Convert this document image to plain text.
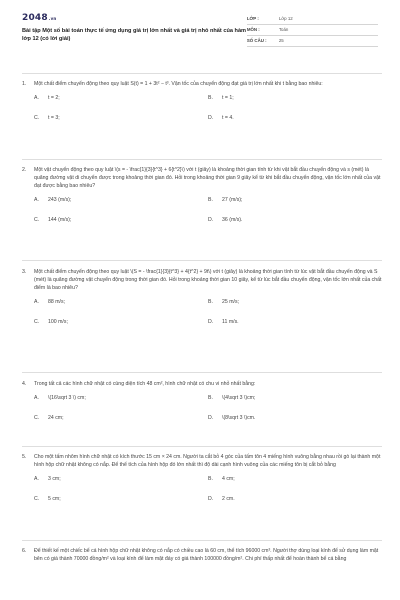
2048.vn
Bài tập Một số bài toán thực tế ứng dụng giá trị lớn nhất và giá trị nhỏ nhất của hàm lớp 12 (có lời giải)
LỚP :	Lớp 12
MÔN :	Toán
SỐ CÂU :	25
1.	Một chất điểm chuyển động theo quy luật S(t) = 1 + 3t² − t³. Vận tốc của chuyển động đạt giá trị lớn nhất khi t bằng bao nhiêu:
A.	t = 2;	B.	t = 1;
C.	t = 3;	D.	t = 4.
2.	Một vật chuyển động theo quy luật \(s = - \frac{1}{3}{t^3} + 6{t^2}\) với t (giây) là khoảng thời gian tính từ khi vật bắt đầu chuyển động và s (mét) là quãng đường vật di chuyển được trong khoảng thời gian đó. Hỏi trong khoảng thời gian 9 giây kể từ khi bắt đầu chuyển động, vận tốc lớn nhất của vật đạt được bằng bao nhiêu?
A.	243 (m/s);	B.	27 (m/s);
C.	144 (m/s);	D.	36 (m/s).
3.	Một chất điểm chuyển động theo quy luật \(S = - \frac{1}{3}{t^3} + 4{t^2} + 9t\) với t (giây) là khoảng thời gian tính từ lúc vật bắt đầu chuyển động và S (mét) là quãng đường vật chuyển động trong thời gian đó. Hỏi trong khoảng thời gian 10 giây, kể từ lúc bắt đầu chuyển động, vận tốc lớn nhất của chất điểm là bao nhiêu?
A.	88 m/s;	B.	25 m/s;
C.	100 m/s;	D.	11 m/s.
4.	Trong tất cả các hình chữ nhật có cùng diện tích 48 cm², hình chữ nhật có chu vi nhỏ nhất bằng:
A.	\(16\sqrt 3 \) cm;	B.	\(4\sqrt 3 \)cm;
C.	24 cm;	D.	\(8\sqrt 3 \)cm.
5.	Cho một tấm nhôm hình chữ nhật có kích thước 15 cm × 24 cm. Người ta cắt bỏ 4 góc của tấm tôn 4 miếng hình vuông bằng nhau rồi gò lại thành một hình hộp chữ nhật không có nắp. Để thể tích của hình hộp đó lớn nhất thì độ dài cạnh hình vuông của các miếng tôn bị cắt bỏ bằng
A.	3 cm;	B.	4 cm;
C.	5 cm;	D.	2 cm.
6.	Để thiết kế một chiếc bể cá hình hộp chữ nhật không có nắp có chiều cao là 60 cm, thể tích 96000 cm³. Người thợ dùng loại kính để sử dụng làm mặt bên có giá thành 70000 đồng/m² và loại kính để làm mặt đáy có giá thành 100000 đồng/m². Chi phí thấp nhất để hoàn thành bể cá bằng
